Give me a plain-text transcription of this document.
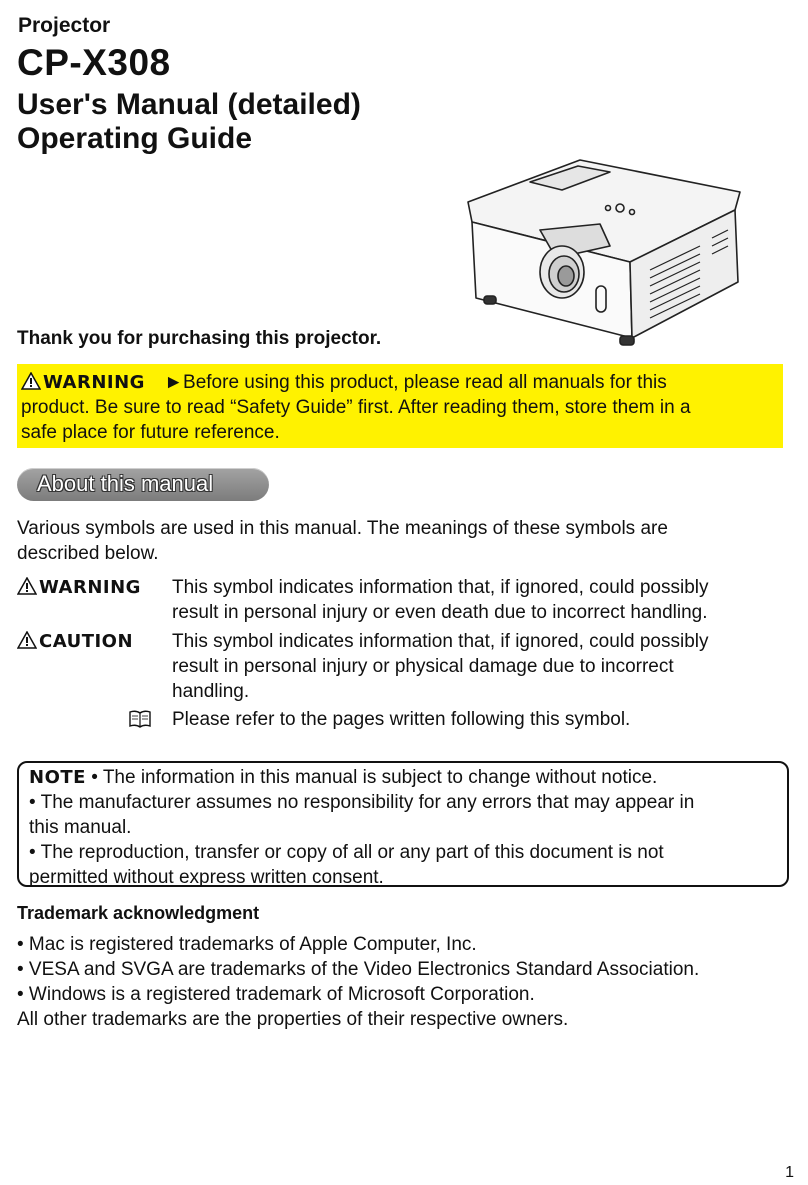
Projector
CP-X308
User's Manual (detailed)
Operating Guide
Thank you for purchasing this projector.
WARNING ►Before using this product, please read all manuals for this
product. Be sure to read “Safety Guide” first. After reading them, store them in a
safe place for future reference.
About this manual
Various symbols are used in this manual. The meanings of these symbols are
described below.
WARNING	This symbol indicates information that, if ignored, could possibly
result in personal injury or even death due to incorrect handling.
CAUTION	This symbol indicates information that, if ignored, could possibly
result in personal injury or physical damage due to incorrect
handling.
Please refer to the pages written following this symbol.
NOTE • The information in this manual is subject to change without notice.
• The manufacturer assumes no responsibility for any errors that may appear in
this manual.
• The reproduction, transfer or copy of all or any part of this document is not
permitted without express written consent.
Trademark acknowledgment
• Mac is registered trademarks of Apple Computer, Inc.
• VESA and SVGA are trademarks of the Video Electronics Standard Association.
• Windows is a registered trademark of Microsoft Corporation.
All other trademarks are the properties of their respective owners.
1
